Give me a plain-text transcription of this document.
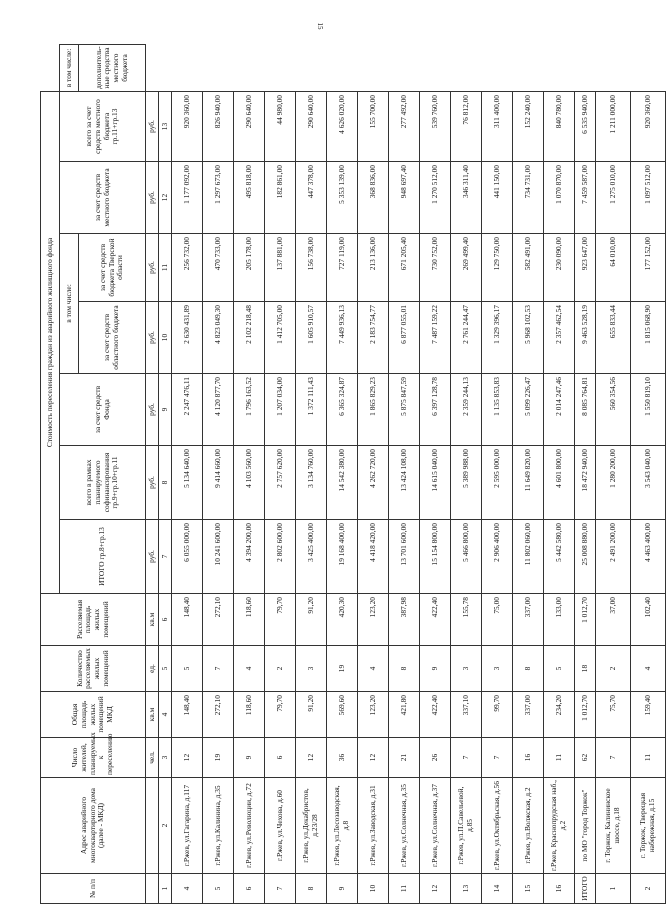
15
№ п/п	Адрес аварийного многоквартирного дома (далее - МКД)	Число жителей, планируемых к переселению	Общая площадь жилых помещений МКД	Количество расселяемых жилых помещений	Расселяемая площадь жилых помещений	Стоимость переселения граждан из аварийного жилищного фонда							
						ИТОГО гр.8+гр.13	всего в рамках планируемого софинансирования гр.9+гр.10+гр.11	за счет средств Фонда	в том числе:		за счет средств местного бюджета	всего за счет средств местного бюджета гр.11+гр.13	в том числе:
									за счет средств областного бюджета	за счет средств бюджета Тверской области			дополнитель-ные средства местного бюджета
		чел.	кв.м	ед.	кв.м	руб.	руб.	руб.	руб.	руб.	руб.	руб.	
1	2	3	4	5	6	7	8	9	10	11	12	13	
4	г.Ржев, ул.Гагарина, д.117	12	148,40	5	148,40	6 055 000,00	5 134 640,00	2 247 476,11	2 630 431,89	256 732,00	1 177 092,00	920 360,00	
5	г.Ржев, ул.Калинина, д.35	19	272,10	7	272,10	10 241 600,00	9 414 660,00	4 120 877,70	4 823 049,30	470 733,00	1 297 673,00	826 940,00	
6	г.Ржев, ул.Революции, д.72	9	118,60	4	118,60	4 394 200,00	4 103 560,00	1 796 163,52	2 102 218,48	205 178,00	495 818,00	290 640,00	
7	г.Ржев, ул.Чехова, д.60	6	79,70	2	79,70	2 802 600,00	2 757 620,00	1 207 034,00	1 412 705,00	137 881,00	182 861,00	44 980,00	
8	г.Ржев, ул.Декабристов, д.23/28	12	91,20	3	91,20	3 425 400,00	3 134 760,00	1 372 111,43	1 605 910,57	156 738,00	447 378,00	290 640,00	
9	г.Ржев, ул.Лесозаводская, д.8	36	569,60	19	420,30	19 168 400,00	14 542 380,00	6 365 324,87	7 449 936,13	727 119,00	5 353 139,00	4 626 020,00	
10	г.Ржев, ул.Заводская, д.31	12	123,20	4	123,20	4 418 420,00	4 262 720,00	1 865 829,23	2 183 754,77	213 136,00	368 836,00	155 700,00	
11	г.Ржев, ул.Солнечная, д.35	21	421,80	8	387,98	13 701 600,00	13 424 108,00	5 875 847,59	6 877 055,01	671 205,40	948 697,40	277 492,00	
12	г.Ржев, ул.Солнечная, д.37	26	422,40	9	422,40	15 154 800,00	14 615 040,00	6 397 128,78	7 487 159,22	730 752,00	1 270 512,00	539 760,00	
13	г.Ржев, ул.П.Савельевой, д.85	7	337,10	3	155,78	5 466 800,00	5 389 988,00	2 359 244,13	2 761 244,47	269 499,40	346 311,40	76 812,00	
14	г.Ржев, ул.Октябрьская, д.56	7	99,70	3	75,00	2 906 400,00	2 595 000,00	1 135 853,83	1 329 396,17	129 750,00	441 150,00	311 400,00	
15	г.Ржев, ул.Волжская, д.2	16	337,00	8	337,00	11 802 060,00	11 649 820,00	5 099 226,47	5 968 102,53	582 491,00	734 731,00	152 240,00	
16	г.Ржев, Краснопрудская наб., д.2	11	234,20	5	133,00	5 442 580,00	4 601 800,00	2 014 247,46	2 357 462,54	230 090,00	1 070 870,00	840 780,00	
ИТОГО	по МО "город Торжок"	62	1 012,70	18	1 012,70	25 008 880,00	18 472 940,00	8 085 764,81	9 463 528,19	923 647,00	7 459 587,00	6 535 940,00	
1	г. Торжок, Калининское шоссе, д.18	7	75,70	2	37,00	2 491 200,00	1 280 200,00	560 354,56	655 833,44	64 010,00	1 275 010,00	1 211 000,00	
2	г. Торжок, Тверецкая набережная, д.15	11	159,40	4	102,40	4 463 400,00	3 543 040,00	1 550 819,10	1 815 068,90	177 152,00	1 097 512,00	920 360,00	
